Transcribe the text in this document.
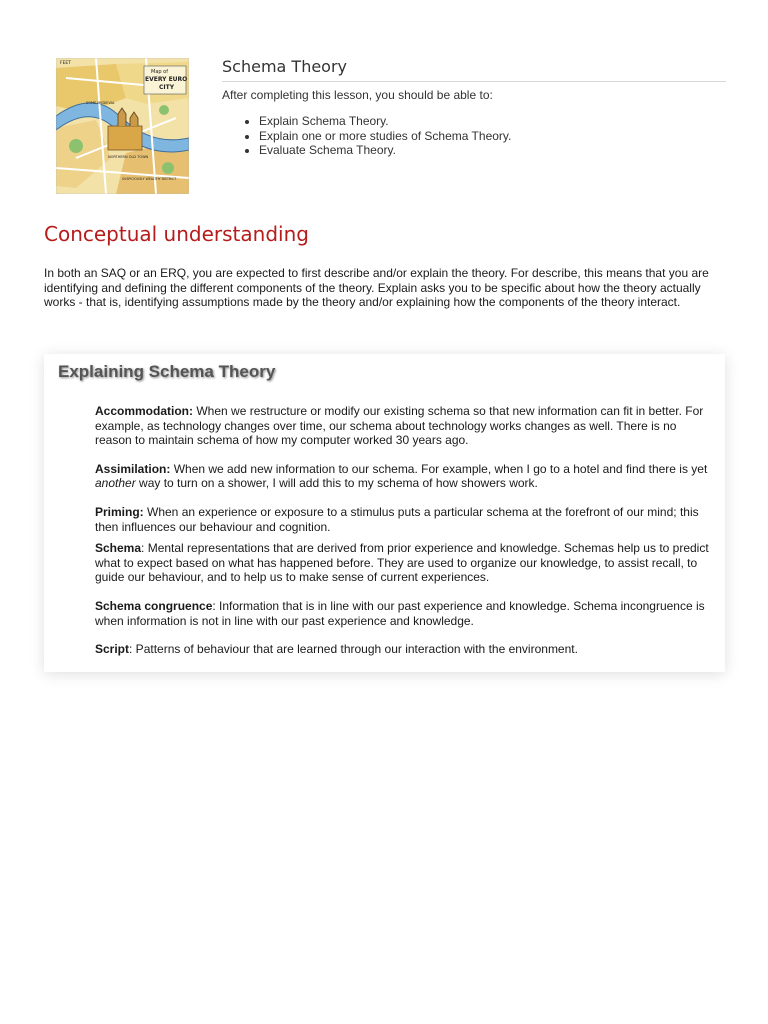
Map of
EVERY EURO
CITY
FEET
SOME MEDIEVAL
NORTHERN OLD TOWN
SUSPICIOUSLY WEALTHY DISTRICT
Schema Theory

After completing this lesson, you should be able to:

• Explain Schema Theory.
• Explain one or more studies of Schema Theory.
• Evaluate Schema Theory.
Conceptual understanding

In both an SAQ or an ERQ, you are expected to first describe and/or explain the theory. For describe, this means that you are identifying and defining the different components of the theory. Explain asks you to be specific about how the theory actually works - that is, identifying assumptions made by the theory and/or explaining how the components of the theory interact.

Explaining Schema Theory

Accommodation: When we restructure or modify our existing schema so that new information can fit in better. For example, as technology changes over time, our schema about technology works changes as well. There is no reason to maintain schema of how my computer worked 30 years ago.

Assimilation: When we add new information to our schema. For example, when I go to a hotel and find there is yet another way to turn on a shower, I will add this to my schema of how showers work.

Priming: When an experience or exposure to a stimulus puts a particular schema at the forefront of our mind; this then influences our behaviour and cognition.

Schema: Mental representations that are derived from prior experience and knowledge. Schemas help us to predict what to expect based on what has happened before. They are used to organize our knowledge, to assist recall, to guide our behaviour, and to help us to make sense of current experiences.

Schema congruence: Information that is in line with our past experience and knowledge. Schema incongruence is when information is not in line with our past experience and knowledge.

Script: Patterns of behaviour that are learned through our interaction with the environment.
